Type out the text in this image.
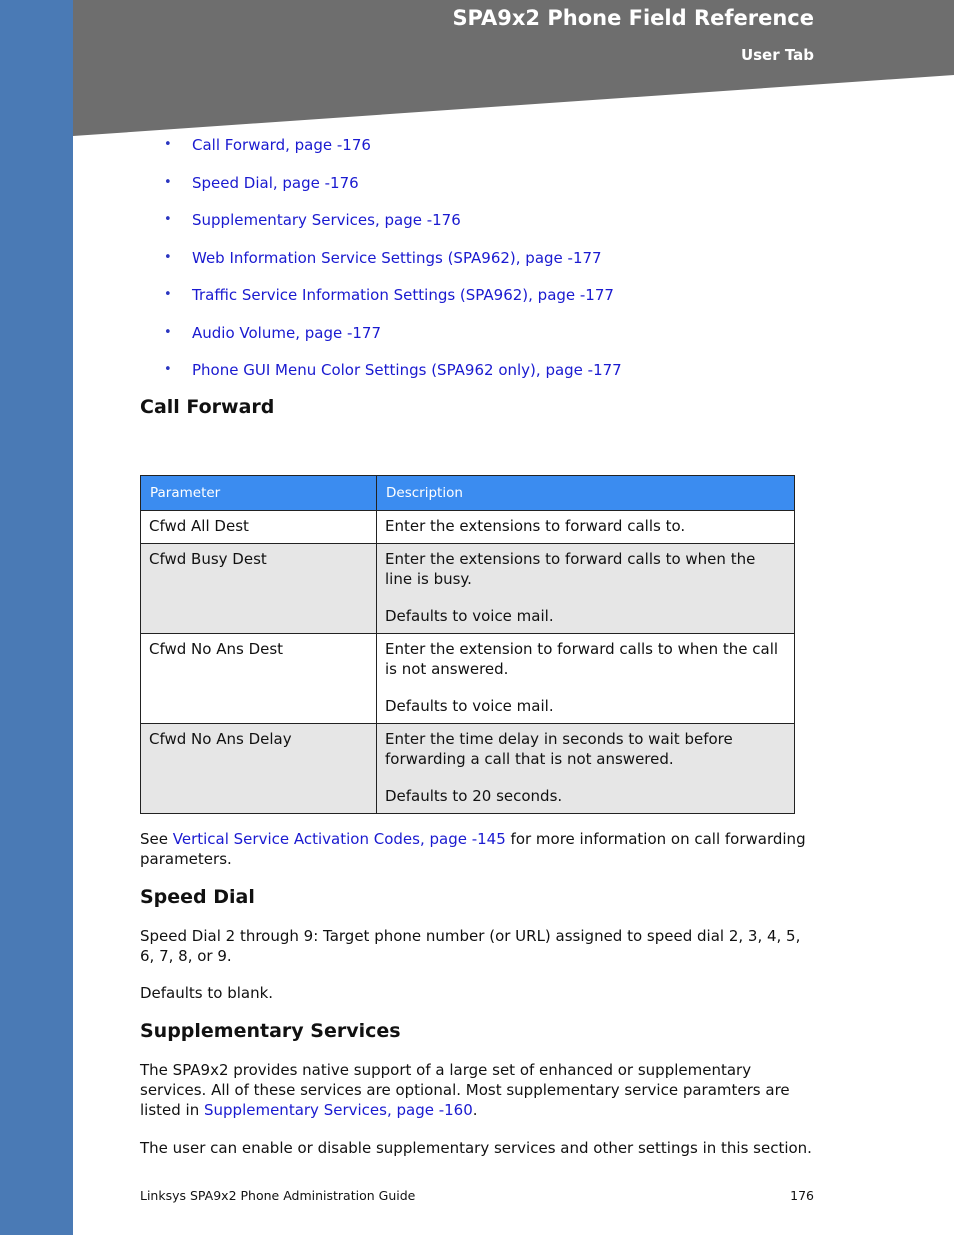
SPA9x2 Phone Field Reference
User Tab
• Call Forward, page -176
• Speed Dial, page -176
• Supplementary Services, page -176
• Web Information Service Settings (SPA962), page -177
• Traffic Service Information Settings (SPA962), page -177
• Audio Volume, page -177
• Phone GUI Menu Color Settings (SPA962 only), page -177
Call Forward
Parameter	Description
Cfwd All Dest	Enter the extensions to forward calls to.

Cfwd Busy Dest	Enter the extensions to forward calls to when the line is busy.

Defaults to voice mail.

Cfwd No Ans Dest	Enter the extension to forward calls to when the call is not answered.

Defaults to voice mail.

Cfwd No Ans Delay	Enter the time delay in seconds to wait before forwarding a call that is not answered.

Defaults to 20 seconds.

See Vertical Service Activation Codes, page -145 for more information on call forwarding parameters.

Speed Dial

Speed Dial 2 through 9: Target phone number (or URL) assigned to speed dial 2, 3, 4, 5, 6, 7, 8, or 9.

Defaults to blank.

Supplementary Services

The SPA9x2 provides native support of a large set of enhanced or supplementary services. All of these services are optional. Most supplementary service paramters are listed in Supplementary Services, page -160.

The user can enable or disable supplementary services and other settings in this section.

Linksys SPA9x2 Phone Administration Guide	176
